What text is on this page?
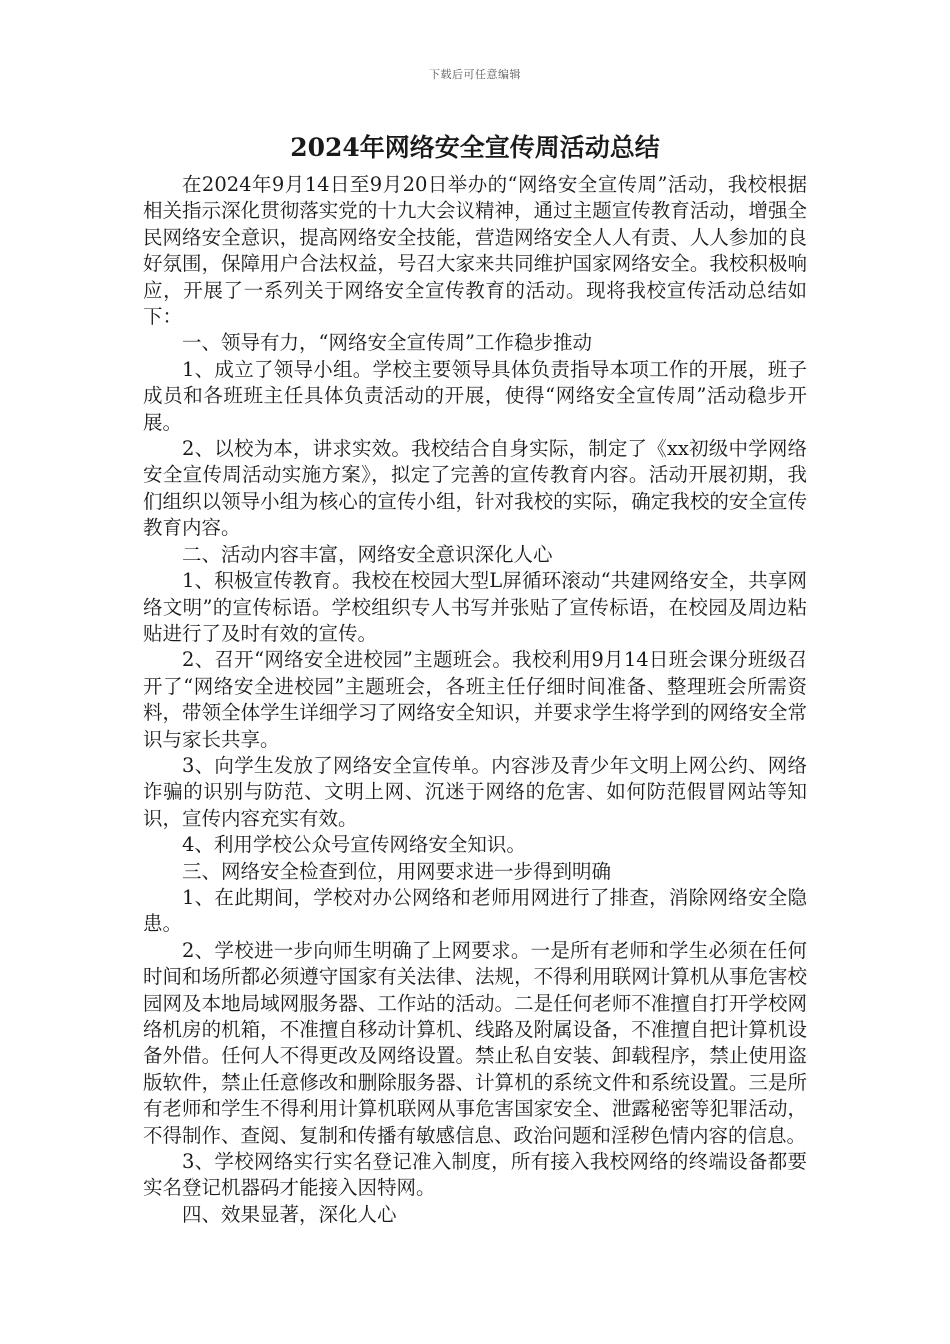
下载后可任意编辑
2024年网络安全宣传周活动总结

在2024年9月14日至9月20日举办的“网络安全宣传周”活动，我校根据相关指示深化贯彻落实党的十九大会议精神，通过主题宣传教育活动，增强全民网络安全意识，提高网络安全技能，营造网络安全人人有责、人人参加的良好氛围，保障用户合法权益，号召大家来共同维护国家网络安全。我校积极响应，开展了一系列关于网络安全宣传教育的活动。现将我校宣传活动总结如下：

一、领导有力，“网络安全宣传周”工作稳步推动

1、成立了领导小组。学校主要领导具体负责指导本项工作的开展，班子成员和各班班主任具体负责活动的开展，使得“网络安全宣传周”活动稳步开展。

2、以校为本，讲求实效。我校结合自身实际，制定了《xx初级中学网络安全宣传周活动实施方案》，拟定了完善的宣传教育内容。活动开展初期，我们组织以领导小组为核心的宣传小组，针对我校的实际，确定我校的安全宣传教育内容。

二、活动内容丰富，网络安全意识深化人心

1、积极宣传教育。我校在校园大型L屏循环滚动“共建网络安全，共享网络文明”的宣传标语。学校组织专人书写并张贴了宣传标语，在校园及周边粘贴进行了及时有效的宣传。

2、召开“网络安全进校园”主题班会。我校利用9月14日班会课分班级召开了“网络安全进校园”主题班会，各班主任仔细时间准备、整理班会所需资料，带领全体学生详细学习了网络安全知识，并要求学生将学到的网络安全常识与家长共享。

3、向学生发放了网络安全宣传单。内容涉及青少年文明上网公约、网络诈骗的识别与防范、文明上网、沉迷于网络的危害、如何防范假冒网站等知识，宣传内容充实有效。

4、利用学校公众号宣传网络安全知识。

三、网络安全检查到位，用网要求进一步得到明确

1、在此期间，学校对办公网络和老师用网进行了排查，消除网络安全隐患。

2、学校进一步向师生明确了上网要求。一是所有老师和学生必须在任何时间和场所都必须遵守国家有关法律、法规，不得利用联网计算机从事危害校园网及本地局域网服务器、工作站的活动。二是任何老师不准擅自打开学校网络机房的机箱，不准擅自移动计算机、线路及附属设备，不准擅自把计算机设备外借。任何人不得更改及网络设置。禁止私自安装、卸载程序，禁止使用盗版软件，禁止任意修改和删除服务器、计算机的系统文件和系统设置。三是所有老师和学生不得利用计算机联网从事危害国家安全、泄露秘密等犯罪活动，不得制作、查阅、复制和传播有敏感信息、政治问题和淫秽色情内容的信息。

3、学校网络实行实名登记准入制度，所有接入我校网络的终端设备都要实名登记机器码才能接入因特网。

四、效果显著，深化人心
